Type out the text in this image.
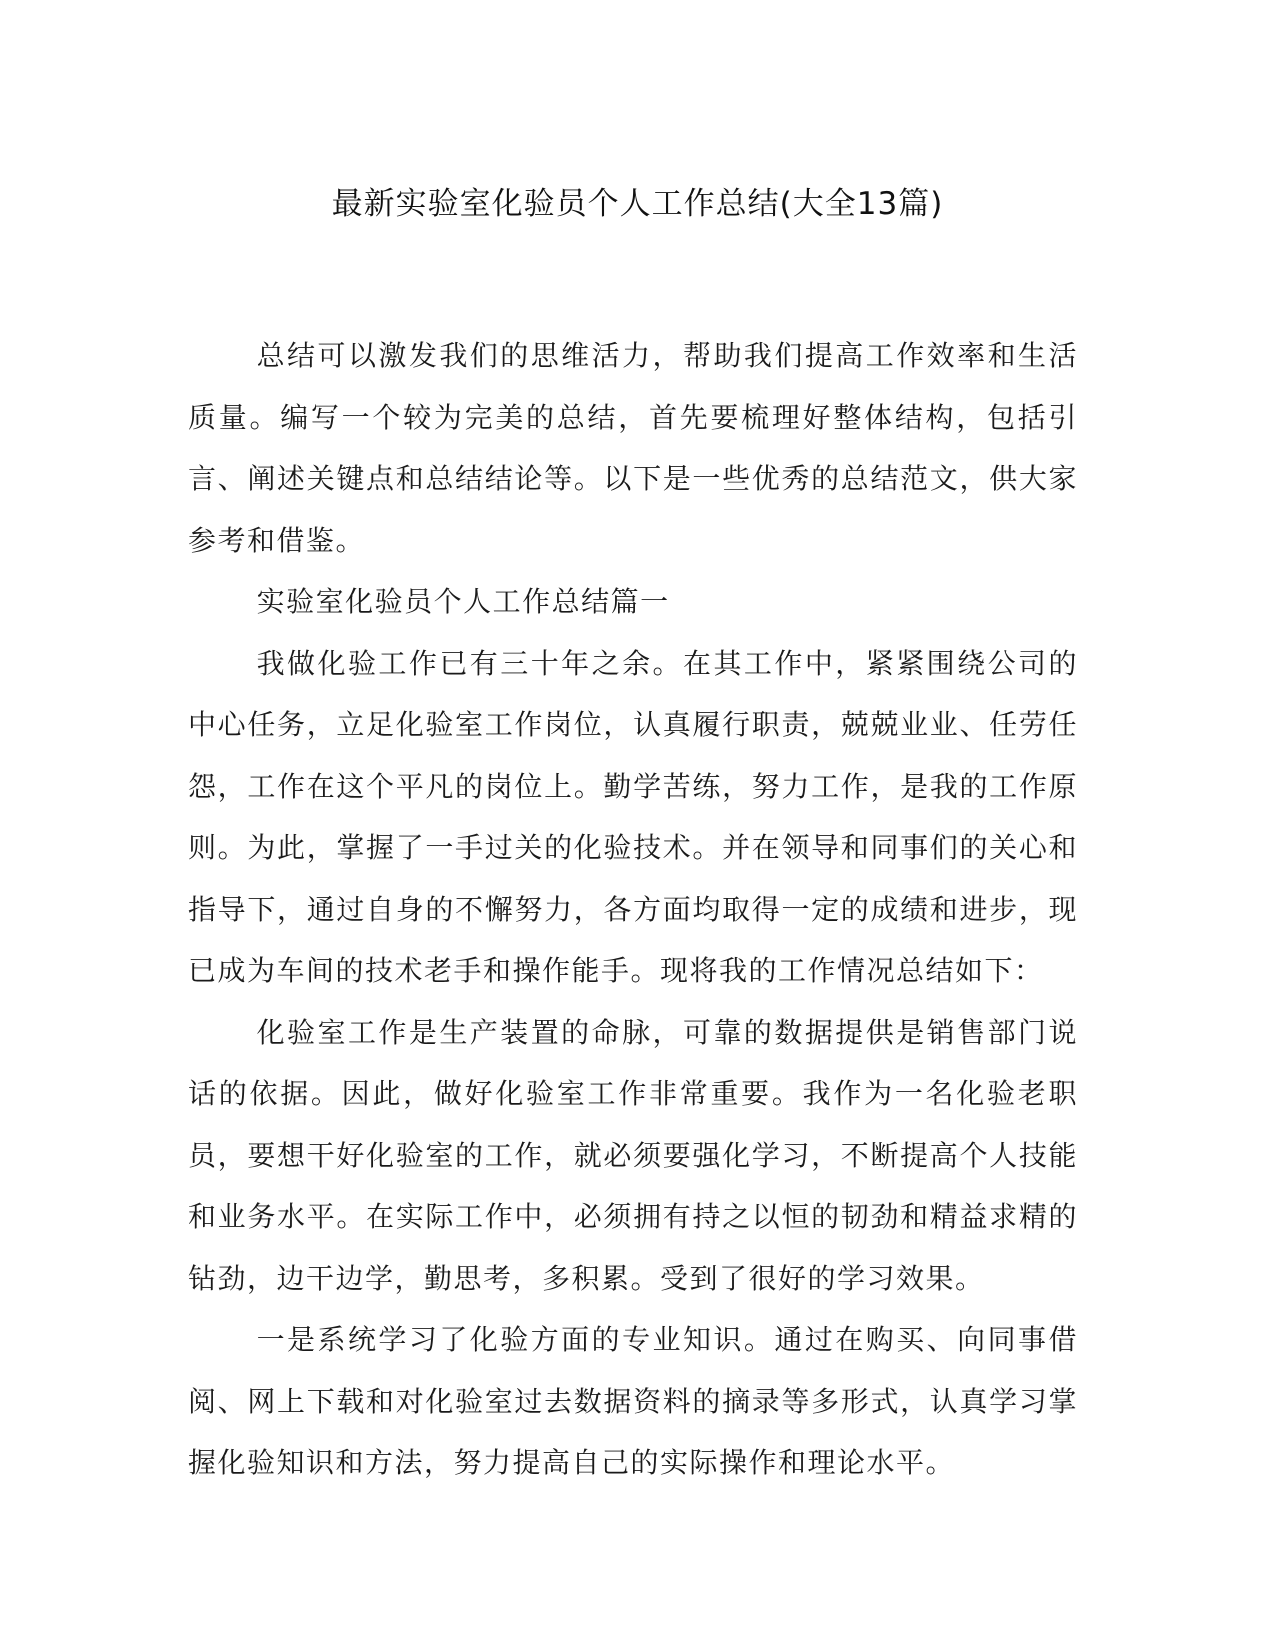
最新实验室化验员个人工作总结(大全13篇)

总结可以激发我们的思维活力，帮助我们提高工作效率和生活质量。编写一个较为完美的总结，首先要梳理好整体结构，包括引言、阐述关键点和总结结论等。以下是一些优秀的总结范文，供大家参考和借鉴。

实验室化验员个人工作总结篇一

我做化验工作已有三十年之余。在其工作中，紧紧围绕公司的中心任务，立足化验室工作岗位，认真履行职责，兢兢业业、任劳任怨，工作在这个平凡的岗位上。勤学苦练，努力工作，是我的工作原则。为此，掌握了一手过关的化验技术。并在领导和同事们的关心和指导下，通过自身的不懈努力，各方面均取得一定的成绩和进步，现已成为车间的技术老手和操作能手。现将我的工作情况总结如下：

化验室工作是生产装置的命脉，可靠的数据提供是销售部门说话的依据。因此，做好化验室工作非常重要。我作为一名化验老职员，要想干好化验室的工作，就必须要强化学习，不断提高个人技能和业务水平。在实际工作中，必须拥有持之以恒的韧劲和精益求精的钻劲，边干边学，勤思考，多积累。受到了很好的学习效果。

一是系统学习了化验方面的专业知识。通过在购买、向同事借阅、网上下载和对化验室过去数据资料的摘录等多形式，认真学习掌握化验知识和方法，努力提高自己的实际操作和理论水平。
